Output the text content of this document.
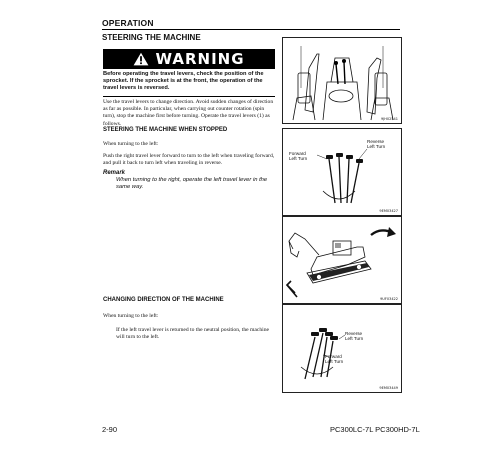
OPERATION
STEERING THE MACHINE
WARNING
Before operating the travel levers, check the position of the sprocket. If the sprocket is at the front, the operation of the travel levers is reversed.
Use the travel levers to change direction. Avoid sudden changes of direction as far as possible. In particular, when carrying out counter rotation (spin turn), stop the machine first before turning. Operate the travel levers (1) as follows.
STEERING THE MACHINE WHEN STOPPED
When turning to the left:
Push the right travel lever forward to turn to the left when traveling forward, and pull it back to turn left when traveling in reverse.
Remark
When turning to the right, operate the left travel lever in the same way.
CHANGING DIRECTION OF THE MACHINE
When turning to the left:
If the left travel lever is returned to the neutral position, the machine will turn to the left.
9JH02541
Forward
Left Turn
Reverse
Left Turn
9EM03427
9UF03422
Reverse
Left Turn
Forward
Left Turn
9EM03449
2-90	PC300LC-7L PC300HD-7L
